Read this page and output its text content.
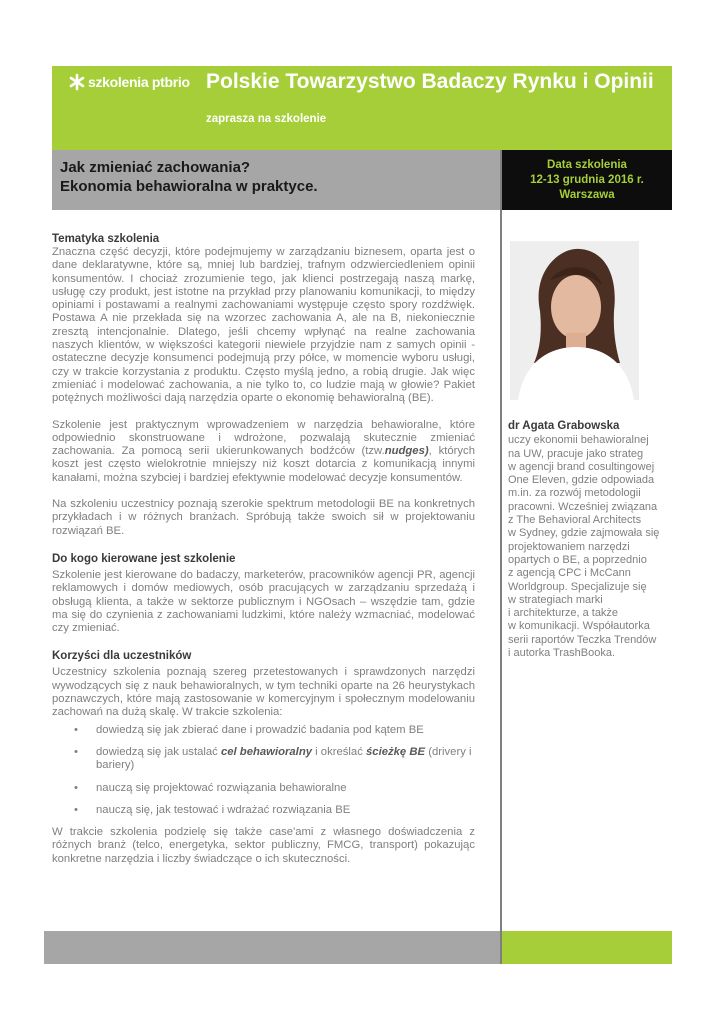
szkolenia ptbrio Polskie Towarzystwo Badaczy Rynku i Opinii
zaprasza na szkolenie
Jak zmieniać zachowania?
Ekonomia behawioralna w praktyce.
Data szkolenia
12-13 grudnia 2016 r.
Warszawa
Tematyka szkolenia

Znaczna część decyzji, które podejmujemy w zarządzaniu biznesem, oparta jest o dane deklaratywne, które są, mniej lub bardziej, trafnym odzwierciedleniem opinii konsumentów. I chociaż zrozumienie tego, jak klienci postrzegają naszą markę, usługę czy produkt, jest istotne na przykład przy planowaniu komunikacji, to między opiniami i postawami a realnymi zachowaniami występuje często spory rozdźwięk. Postawa A nie przekłada się na wzorzec zachowania A, ale na B, niekoniecznie zresztą intencjonalnie. Dlatego, jeśli chcemy wpłynąć na realne zachowania naszych klientów, w większości kategorii niewiele przyjdzie nam z samych opinii - ostateczne decyzje konsumenci podejmują przy półce, w momencie wyboru usługi, czy w trakcie korzystania z produktu. Często myślą jedno, a robią drugie. Jak więc zmieniać i modelować zachowania, a nie tylko to, co ludzie mają w głowie? Pakiet potężnych możliwości dają narzędzia oparte o ekonomię behawioralną (BE).

Szkolenie jest praktycznym wprowadzeniem w narzędzia behawioralne, które odpowiednio skonstruowane i wdrożone, pozwalają skutecznie zmieniać zachowania. Za pomocą serii ukierunkowanych bodźców (tzw.nudges), których koszt jest często wielokrotnie mniejszy niż koszt dotarcia z komunikacją innymi kanałami, można szybciej i bardziej efektywnie modelować decyzje konsumentów.

Na szkoleniu uczestnicy poznają szerokie spektrum metodologii BE na konkretnych przykładach i w różnych branżach. Spróbują także swoich sił w projektowaniu rozwiązań BE.

Do kogo kierowane jest szkolenie

Szkolenie jest kierowane do badaczy, marketerów, pracowników agencji PR, agencji reklamowych i domów mediowych, osób pracujących w zarządzaniu sprzedażą i obsługą klienta, a także w sektorze publicznym i NGOsach – wszędzie tam, gdzie ma się do czynienia z zachowaniami ludzkimi, które należy wzmacniać, modelować czy zmieniać.

Korzyści dla uczestników

Uczestnicy szkolenia poznają szereg przetestowanych i sprawdzonych narzędzi wywodzących się z nauk behawioralnych, w tym techniki oparte na 26 heurystykach poznawczych, które mają zastosowanie w komercyjnym i społecznym modelowaniu zachowań na dużą skalę. W trakcie szkolenia:

• dowiedzą się jak zbierać dane i prowadzić badania pod kątem BE
• dowiedzą się jak ustalać cel behawioralny i określać ścieżkę BE (drivery i bariery)
• nauczą się projektować rozwiązania behawioralne
• nauczą się, jak testować i wdrażać rozwiązania BE

W trakcie szkolenia podzielę się także case'ami z własnego doświadczenia z różnych branż (telco, energetyka, sektor publiczny, FMCG, transport) pokazując konkretne narzędzia i liczby świadczące o ich skuteczności.

dr Agata Grabowska
uczy ekonomii behawioralnej
na UW, pracuje jako strateg
w agencji brand cosultingowej
One Eleven, gdzie odpowiada
m.in. za rozwój metodologii
pracowni. Wcześniej związana
z The Behavioral Architects
w Sydney, gdzie zajmowała się
projektowaniem narzędzi
opartych o BE, a poprzednio
z agencją CPC i McCann
Worldgroup. Specjalizuje się
w strategiach marki
i architekturze, a także
w komunikacji. Współautorka
serii raportów Teczka Trendów
i autorka TrashBooka.
